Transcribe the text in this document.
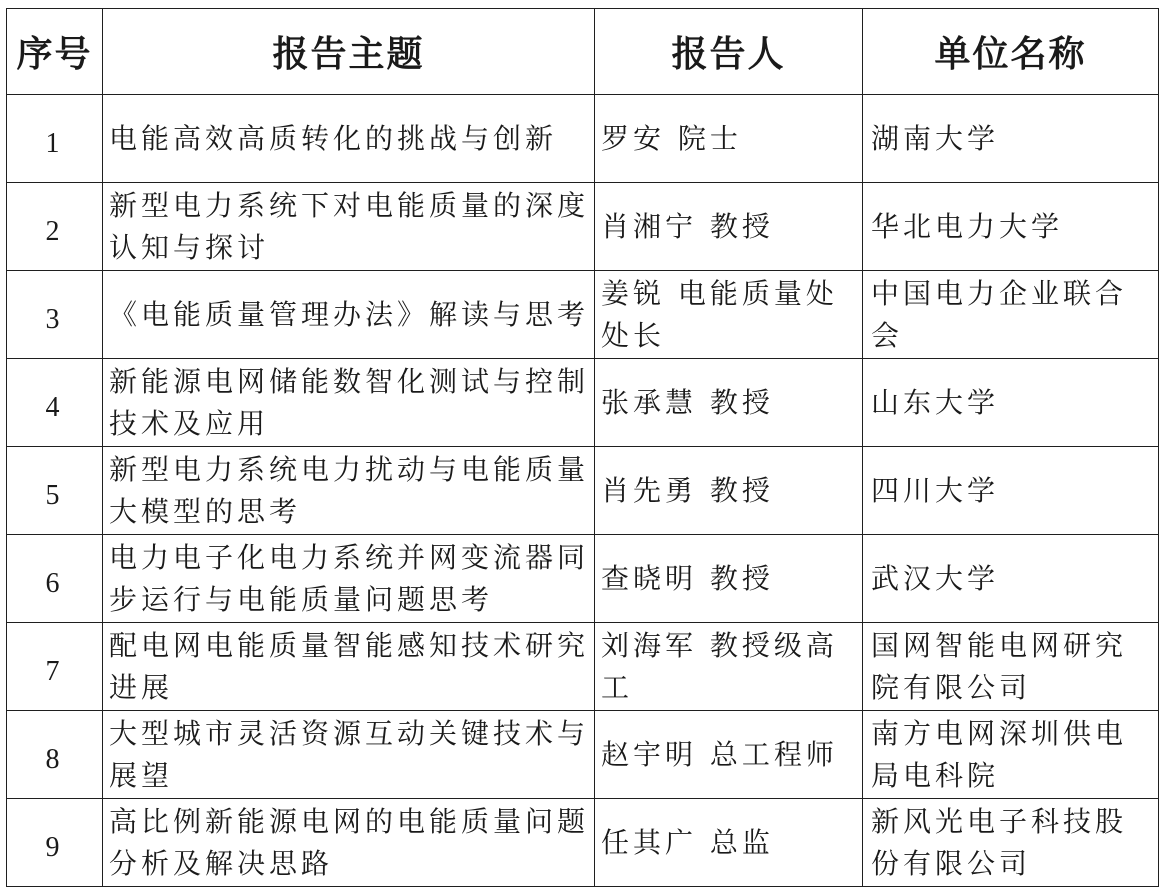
序号	报告主题	报告人	单位名称
1	电能高效高质转化的挑战与创新	罗安 院士	湖南大学
2	新型电力系统下对电能质量的深度认知与探讨	肖湘宁 教授	华北电力大学
3	《电能质量管理办法》解读与思考	姜锐 电能质量处处长	中国电力企业联合会
4	新能源电网储能数智化测试与控制技术及应用	张承慧 教授	山东大学
5	新型电力系统电力扰动与电能质量大模型的思考	肖先勇 教授	四川大学
6	电力电子化电力系统并网变流器同步运行与电能质量问题思考	查晓明 教授	武汉大学
7	配电网电能质量智能感知技术研究进展	刘海军 教授级高工	国网智能电网研究院有限公司
8	大型城市灵活资源互动关键技术与展望	赵宇明 总工程师	南方电网深圳供电局电科院
9	高比例新能源电网的电能质量问题分析及解决思路	任其广 总监	新风光电子科技股份有限公司
